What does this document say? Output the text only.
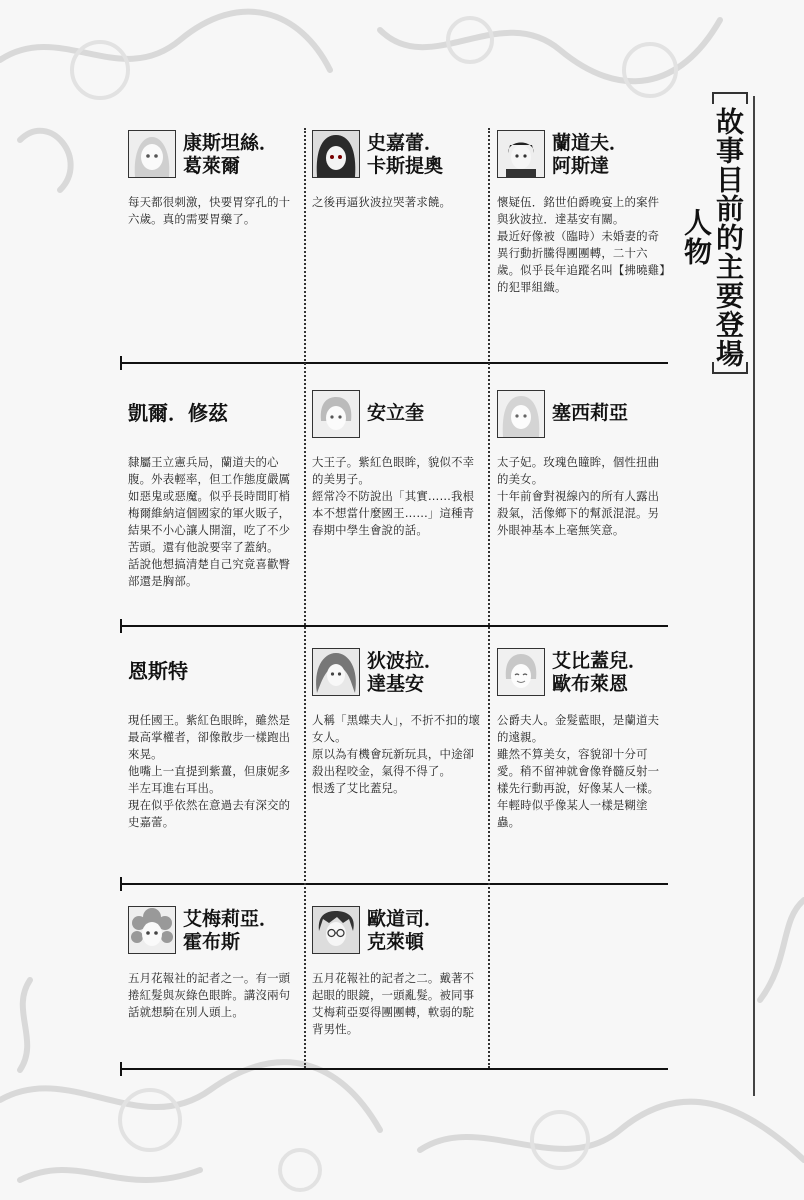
故事目前的主要登場人物
康斯坦絲．
葛萊爾
每天都很刺激，快要胃穿孔的十六歲。真的需要胃藥了。
史嘉蕾．
卡斯提奧
之後再逼狄波拉哭著求饒。
蘭道夫．
阿斯達
懷疑伍．銘世伯爵晚宴上的案件與狄波拉．達基安有關。
最近好像被（臨時）未婚妻的奇異行動折騰得團團轉，二十六歲。似乎長年追蹤名叫【拂曉雞】的犯罪組織。
凱爾．修茲
隸屬王立憲兵局，蘭道夫的心腹。外表輕率，但工作態度嚴厲如惡鬼或惡魔。似乎長時間盯梢梅爾維納這個國家的軍火販子，結果不小心讓人開溜，吃了不少苦頭。還有他說要宰了蓋納。
話說他想搞清楚自己究竟喜歡臀部還是胸部。
安立奎
大王子。紫紅色眼眸，貌似不幸的美男子。
經常冷不防說出「其實……我根本不想當什麼國王……」這種青春期中學生會說的話。
塞西莉亞
太子妃。玫瑰色瞳眸，個性扭曲的美女。
十年前會對視線內的所有人露出殺氣，活像鄉下的幫派混混。另外眼神基本上毫無笑意。
恩斯特
現任國王。紫紅色眼眸，雖然是最高掌權者，卻像散步一樣跑出來晃。
他嘴上一直提到紫薑，但康妮多半左耳進右耳出。
現在似乎依然在意過去有深交的史嘉蕾。
狄波拉．
達基安
人稱「黑蝶夫人」，不折不扣的壞女人。
原以為有機會玩新玩具，中途卻殺出程咬金，氣得不得了。
恨透了艾比蓋兒。
艾比蓋兒．
歐布萊恩
公爵夫人。金髮藍眼，是蘭道夫的遠親。
雖然不算美女，容貌卻十分可愛。稍不留神就會像脊髓反射一樣先行動再說，好像某人一樣。年輕時似乎像某人一樣是糊塗蟲。
艾梅莉亞．
霍布斯
五月花報社的記者之一。有一頭捲紅髮與灰綠色眼眸。講沒兩句話就想騎在別人頭上。
歐道司．
克萊頓
五月花報社的記者之二。戴著不起眼的眼鏡，一頭亂髮。被同事艾梅莉亞耍得團團轉，軟弱的駝背男性。
